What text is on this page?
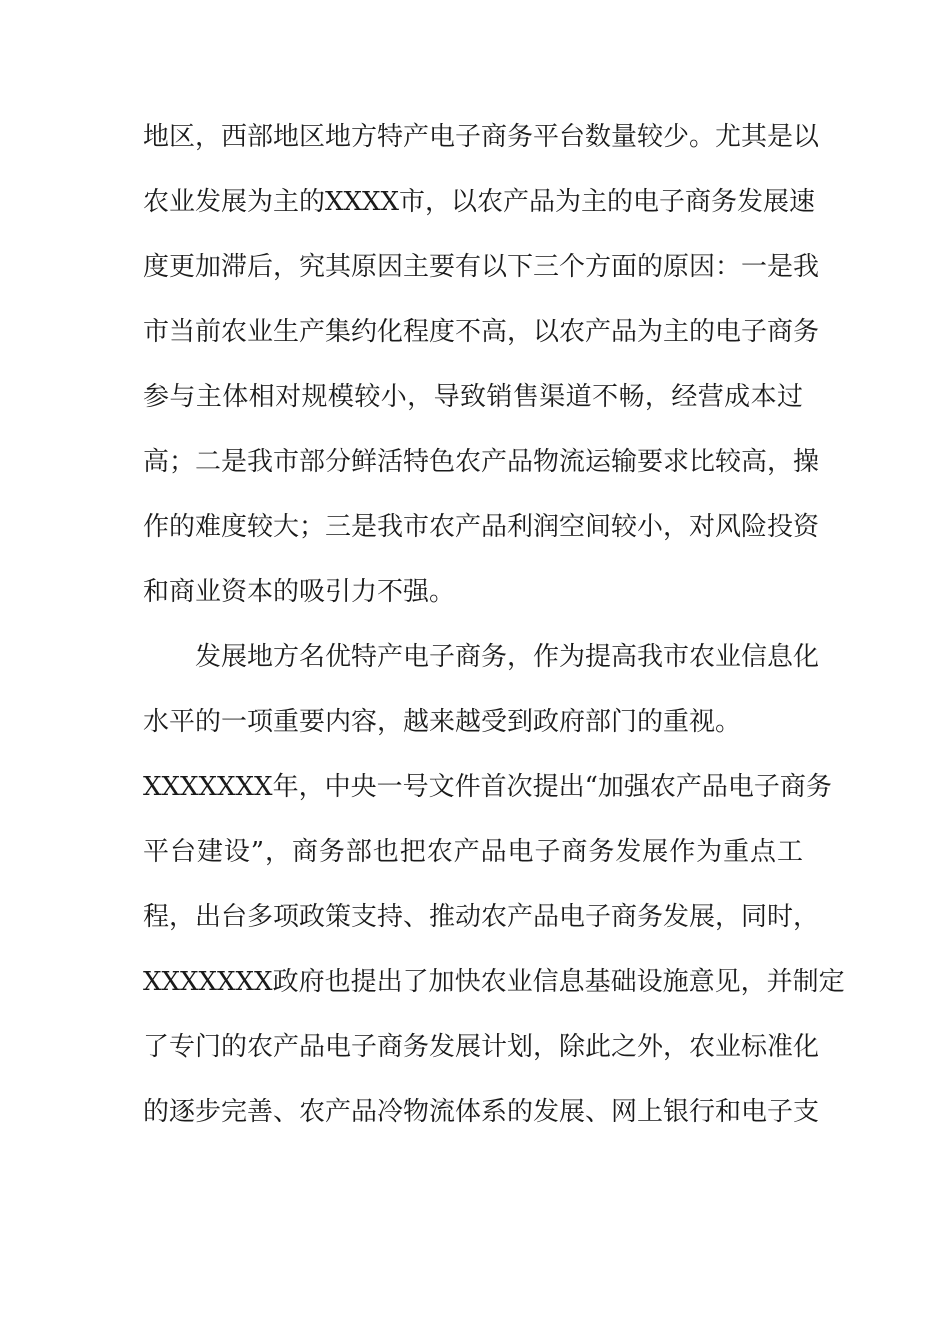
地区，西部地区地方特产电子商务平台数量较少。尤其是以
农业发展为主的XXXX市，以农产品为主的电子商务发展速
度更加滞后，究其原因主要有以下三个方面的原因：一是我
市当前农业生产集约化程度不高，以农产品为主的电子商务
参与主体相对规模较小，导致销售渠道不畅，经营成本过
高；二是我市部分鲜活特色农产品物流运输要求比较高，操
作的难度较大；三是我市农产品利润空间较小，对风险投资
和商业资本的吸引力不强。
发展地方名优特产电子商务，作为提高我市农业信息化
水平的一项重要内容，越来越受到政府部门的重视。
XXXXXXX年，中央一号文件首次提出“加强农产品电子商务
平台建设”，商务部也把农产品电子商务发展作为重点工
程，出台多项政策支持、推动农产品电子商务发展，同时，
XXXXXXX政府也提出了加快农业信息基础设施意见，并制定
了专门的农产品电子商务发展计划，除此之外，农业标准化
的逐步完善、农产品冷物流体系的发展、网上银行和电子支
